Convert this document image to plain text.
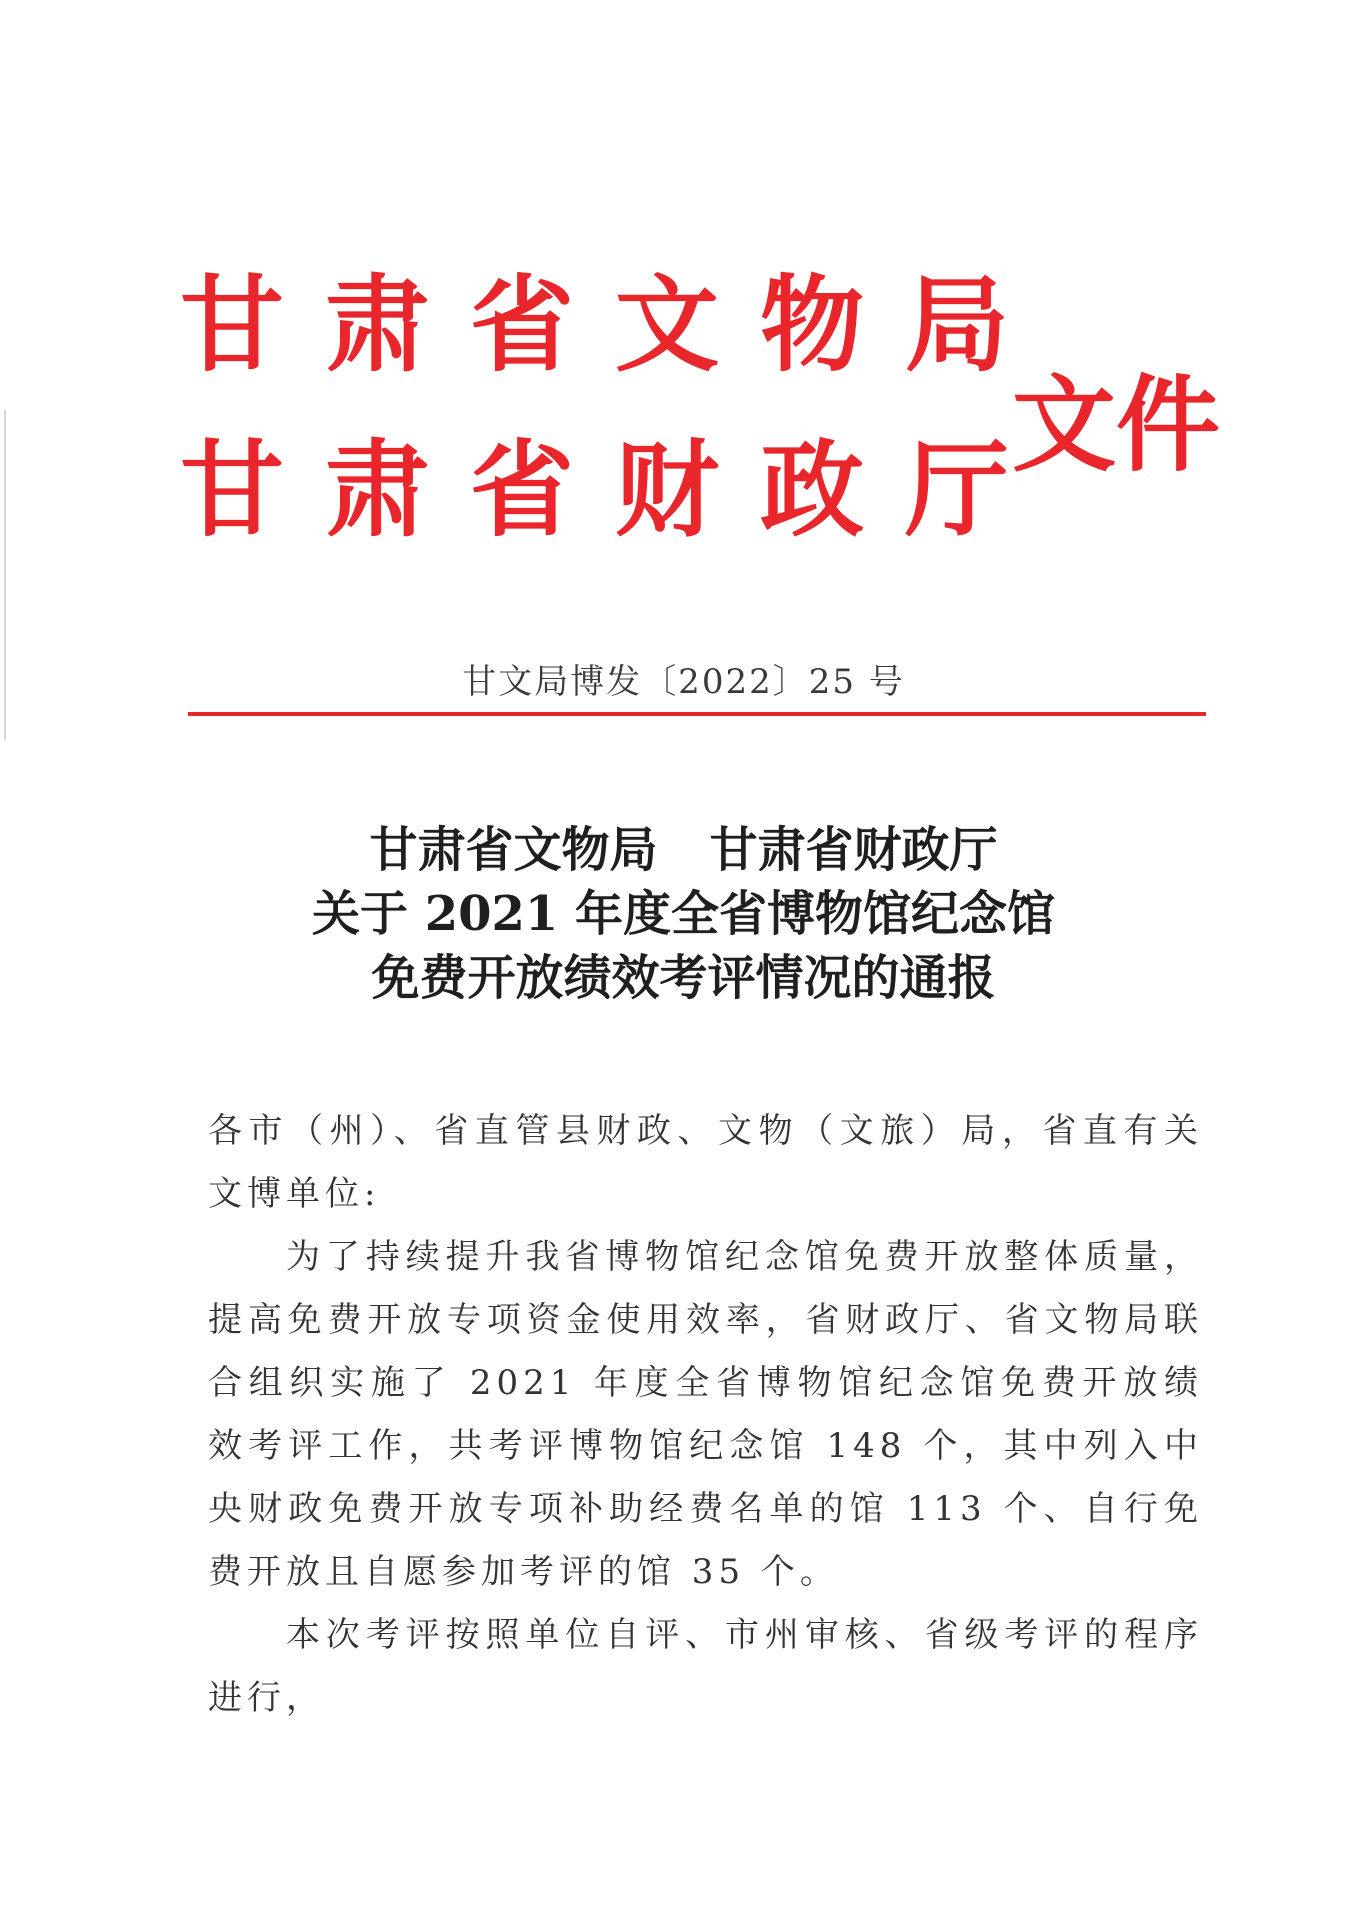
甘 肃 省 文 物 局
甘 肃 省 财 政 厅
文件
甘文局博发〔2022〕25 号
甘肃省文物局 甘肃省财政厅
关于 2021 年度全省博物馆纪念馆
免费开放绩效考评情况的通报

各市（州）、省直管县财政、文物（文旅）局，省直有关文博单位:

为了持续提升我省博物馆纪念馆免费开放整体质量，提高免费开放专项资金使用效率，省财政厅、省文物局联合组织实施了 2021 年度全省博物馆纪念馆免费开放绩效考评工作，共考评博物馆纪念馆 148 个，其中列入中央财政免费开放专项补助经费名单的馆 113 个、自行免费开放且自愿参加考评的馆 35 个。

本次考评按照单位自评、市州审核、省级考评的程序进行，
